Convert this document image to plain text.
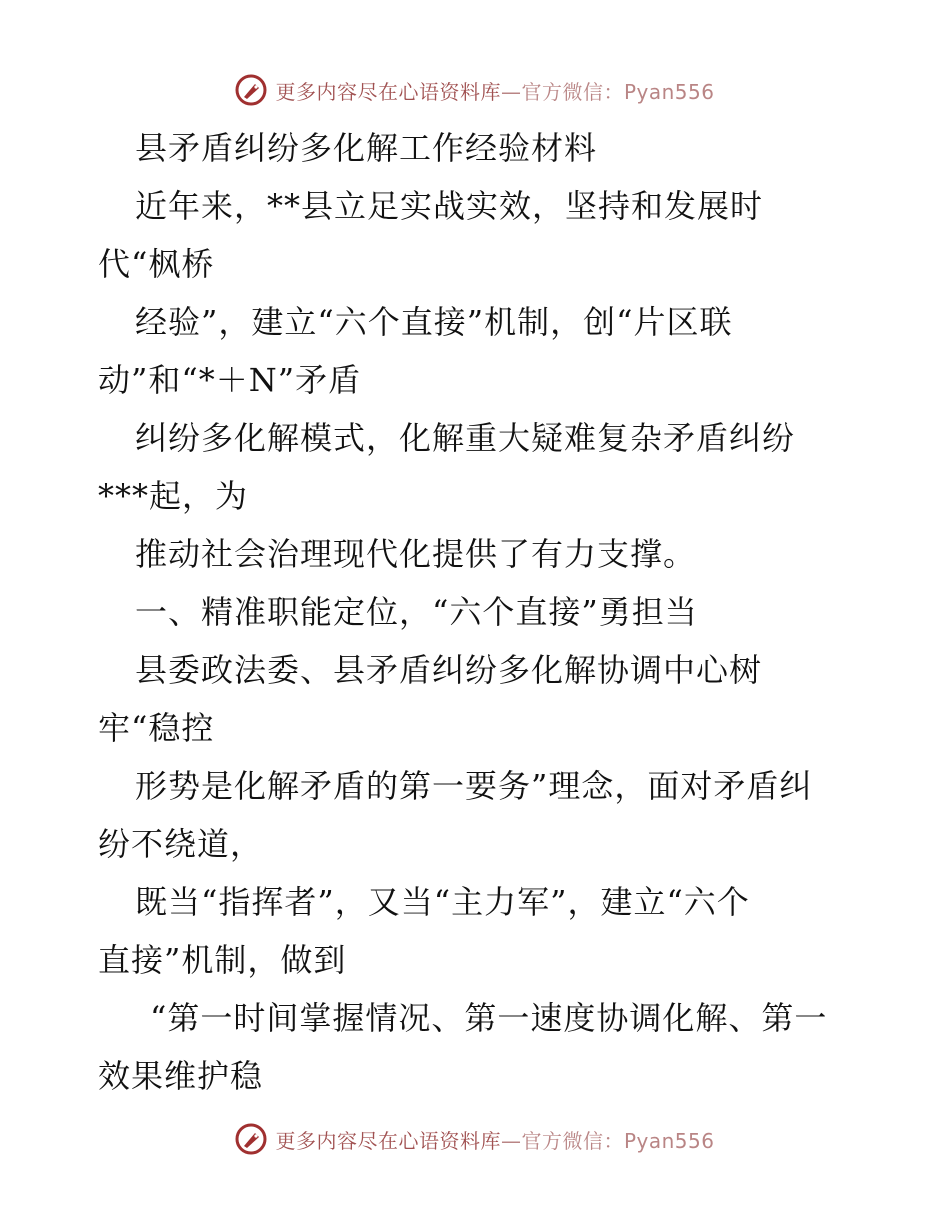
更多内容尽在心语资料库—官方微信：Pyan556
县矛盾纠纷多化解工作经验材料
近年来，**县立足实战实效，坚持和发展时
代“枫桥
经验”，建立“六个直接”机制，创“片区联
动”和“*＋N”矛盾
纠纷多化解模式，化解重大疑难复杂矛盾纠纷
***起，为
推动社会治理现代化提供了有力支撑。
一、精准职能定位，“六个直接”勇担当
县委政法委、县矛盾纠纷多化解协调中心树
牢“稳控
形势是化解矛盾的第一要务”理念，面对矛盾纠
纷不绕道，
既当“指挥者”，又当“主力军”，建立“六个
直接”机制，做到
“第一时间掌握情况、第一速度协调化解、第一
效果维护稳
更多内容尽在心语资料库—官方微信：Pyan556
